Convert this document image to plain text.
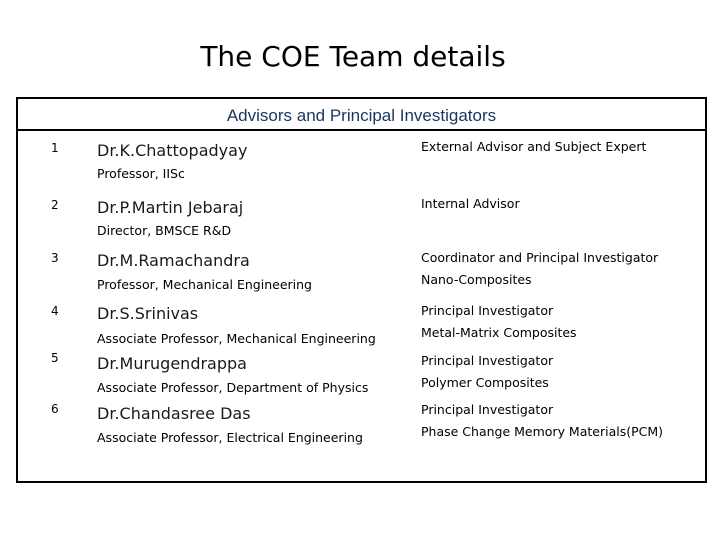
The COE Team details
Advisors and Principal Investigators
1 Dr.K.Chattopadyay
Professor, IISc
External Advisor and Subject Expert
2 Dr.P.Martin Jebaraj
Director, BMSCE R&D
Internal Advisor
3 Dr.M.Ramachandra
Professor, Mechanical Engineering
Coordinator and Principal Investigator
Nano-Composites
4 Dr.S.Srinivas
Associate Professor, Mechanical Engineering
Principal Investigator
Metal-Matrix Composites
5 Dr.Murugendrappa
Associate Professor, Department of Physics
Principal Investigator
Polymer Composites
6 Dr.Chandasree Das
Associate Professor, Electrical Engineering
Principal Investigator
Phase Change Memory Materials(PCM)
